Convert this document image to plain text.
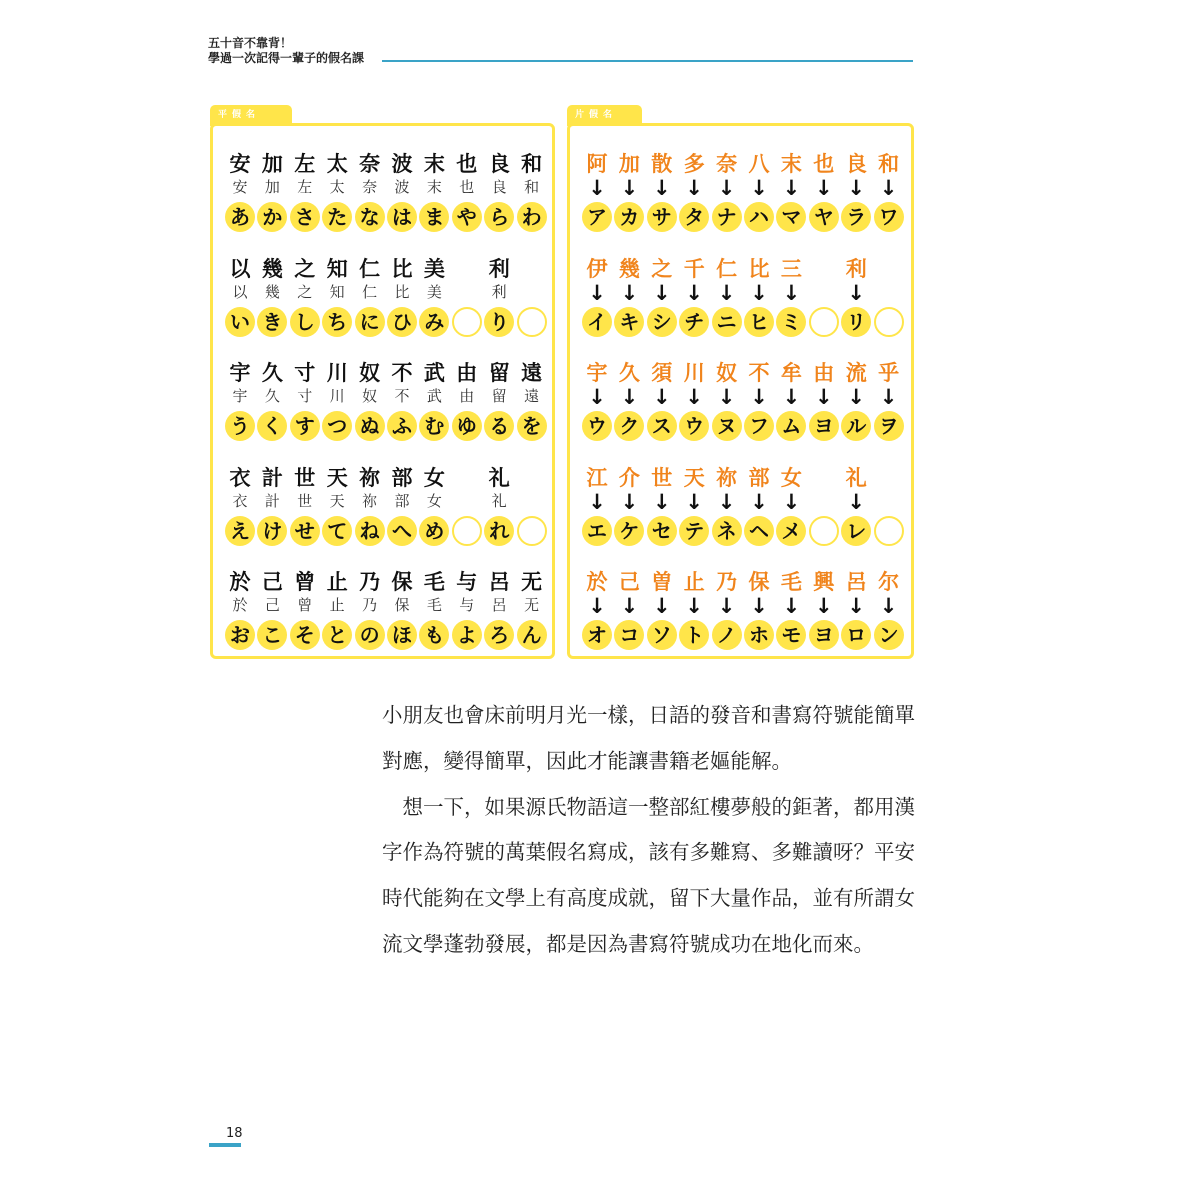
五十音不靠背！
學過一次記得一輩子的假名課
平假名
安
安
あ
加
加
か
左
左
さ
太
太
た
奈
奈
な
波
波
は
末
末
ま
也
也
や
良
良
ら
和
和
わ
以
以
い
幾
幾
き
之
之
し
知
知
ち
仁
仁
に
比
比
ひ
美
美
み
利
利
り
宇
宇
う
久
久
く
寸
寸
す
川
川
つ
奴
奴
ぬ
不
不
ふ
武
武
む
由
由
ゆ
留
留
る
遠
遠
を
衣
衣
え
計
計
け
世
世
せ
天
天
て
祢
祢
ね
部
部
へ
女
女
め
礼
礼
れ
於
於
お
己
己
こ
曾
曾
そ
止
止
と
乃
乃
の
保
保
ほ
毛
毛
も
与
与
よ
呂
呂
ろ
无
无
ん
片假名
阿
↓
ア
加
↓
カ
散
↓
サ
多
↓
タ
奈
↓
ナ
八
↓
ハ
末
↓
マ
也
↓
ヤ
良
↓
ラ
和
↓
ワ
伊
↓
イ
幾
↓
キ
之
↓
シ
千
↓
チ
仁
↓
ニ
比
↓
ヒ
三
↓
ミ
利
↓
リ
宇
↓
ウ
久
↓
ク
須
↓
ス
川
↓
ウ
奴
↓
ヌ
不
↓
フ
牟
↓
ム
由
↓
ヨ
流
↓
ル
乎
↓
ヲ
江
↓
エ
介
↓
ケ
世
↓
セ
天
↓
テ
祢
↓
ネ
部
↓
ヘ
女
↓
メ
礼
↓
レ
於
↓
オ
己
↓
コ
曽
↓
ソ
止
↓
ト
乃
↓
ノ
保
↓
ホ
毛
↓
モ
興
↓
ヨ
呂
↓
ロ
尔
↓
ン

小朋友也會床前明月光一樣，日語的發音和書寫符號能簡單對應，變得簡單，因此才能讓書籍老嫗能解。

　想一下，如果源氏物語這一整部紅樓夢般的鉅著，都用漢字作為符號的萬葉假名寫成，該有多難寫、多難讀呀？平安時代能夠在文學上有高度成就，留下大量作品，並有所謂女流文學蓬勃發展，都是因為書寫符號成功在地化而來。

18
